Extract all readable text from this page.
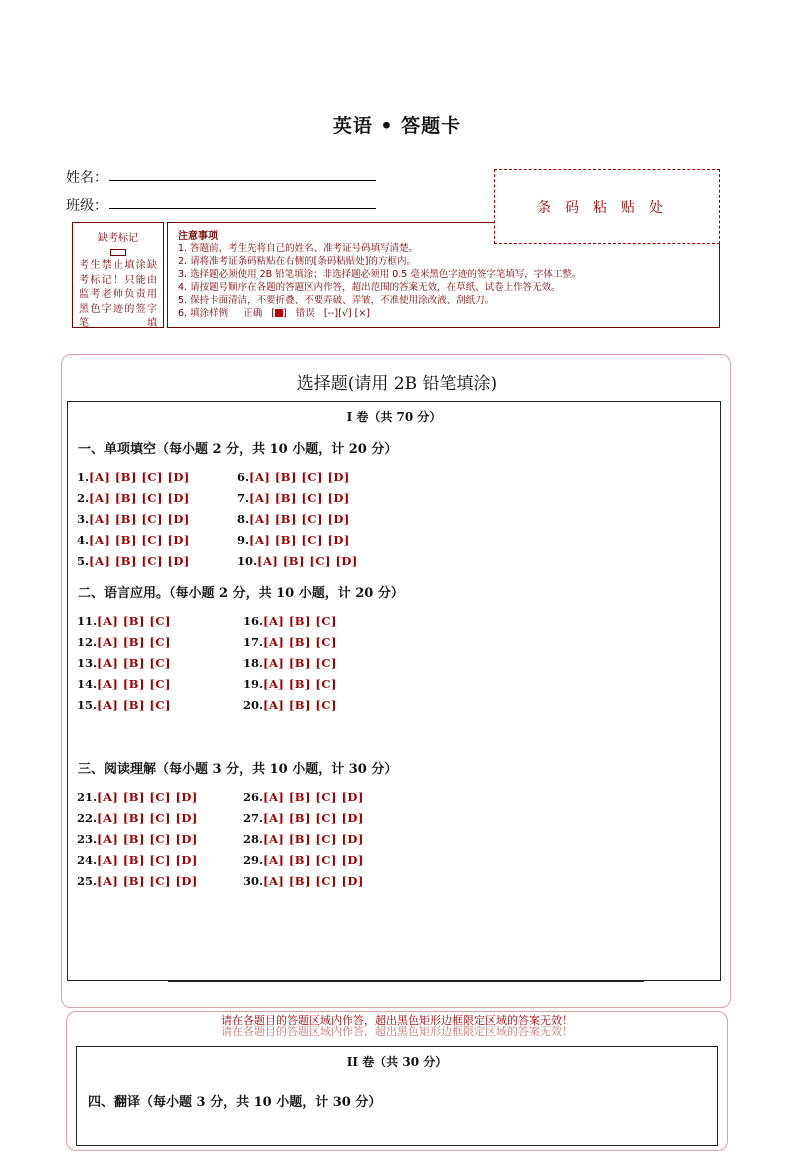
英语 • 答题卡
姓名：
班级：
缺考标记
考生禁止填涂缺考标记！只能由监考老师负责用黑色字迹的签字笔填
注意事项
1. 答题前，考生先将自己的姓名、准考证号码填写清楚。
2. 请将准考证条码粘贴在右侧的[条码粘贴处]的方框内。
3. 选择题必须使用 2B 铅笔填涂；非选择题必须用 0.5 毫米黑色字迹的签字笔填写，字体工整。
4. 请按题号顺序在各题的答题区内作答，超出范围的答案无效，在草纸、试卷上作答无效。
5. 保持卡面清洁，不要折叠、不要弄破、弄皱，不准使用涂改液、刮纸刀。
6. 填涂样例 正确 [ ] 错误 [--][√] [×]
条码粘贴处
选择题(请用 2B 铅笔填涂)
I 卷（共 70 分）
一、单项填空（每小题 2 分，共 10 小题，计 20 分）
二、语言应用。（每小题 2 分，共 10 小题，计 20 分）
三、阅读理解（每小题 3 分，共 10 小题，计 30 分）
1.[A] [B] [C] [D]
2.[A] [B] [C] [D]
3.[A] [B] [C] [D]
4.[A] [B] [C] [D]
5.[A] [B] [C] [D]
6.[A] [B] [C] [D]
7.[A] [B] [C] [D]
8.[A] [B] [C] [D]
9.[A] [B] [C] [D]
10.[A] [B] [C] [D]
11.[A] [B] [C]
12.[A] [B] [C]
13.[A] [B] [C]
14.[A] [B] [C]
15.[A] [B] [C]
16.[A] [B] [C]
17.[A] [B] [C]
18.[A] [B] [C]
19.[A] [B] [C]
20.[A] [B] [C]
21.[A] [B] [C] [D]
22.[A] [B] [C] [D]
23.[A] [B] [C] [D]
24.[A] [B] [C] [D]
25.[A] [B] [C] [D]
26.[A] [B] [C] [D]
27.[A] [B] [C] [D]
28.[A] [B] [C] [D]
29.[A] [B] [C] [D]
30.[A] [B] [C] [D]
请在各题目的答题区域内作答，超出黑色矩形边框限定区域的答案无效！
请在各题目的答题区域内作答，超出黑色矩形边框限定区域的答案无效！
II 卷（共 30 分）
四、翻译（每小题 3 分，共 10 小题，计 30 分）
